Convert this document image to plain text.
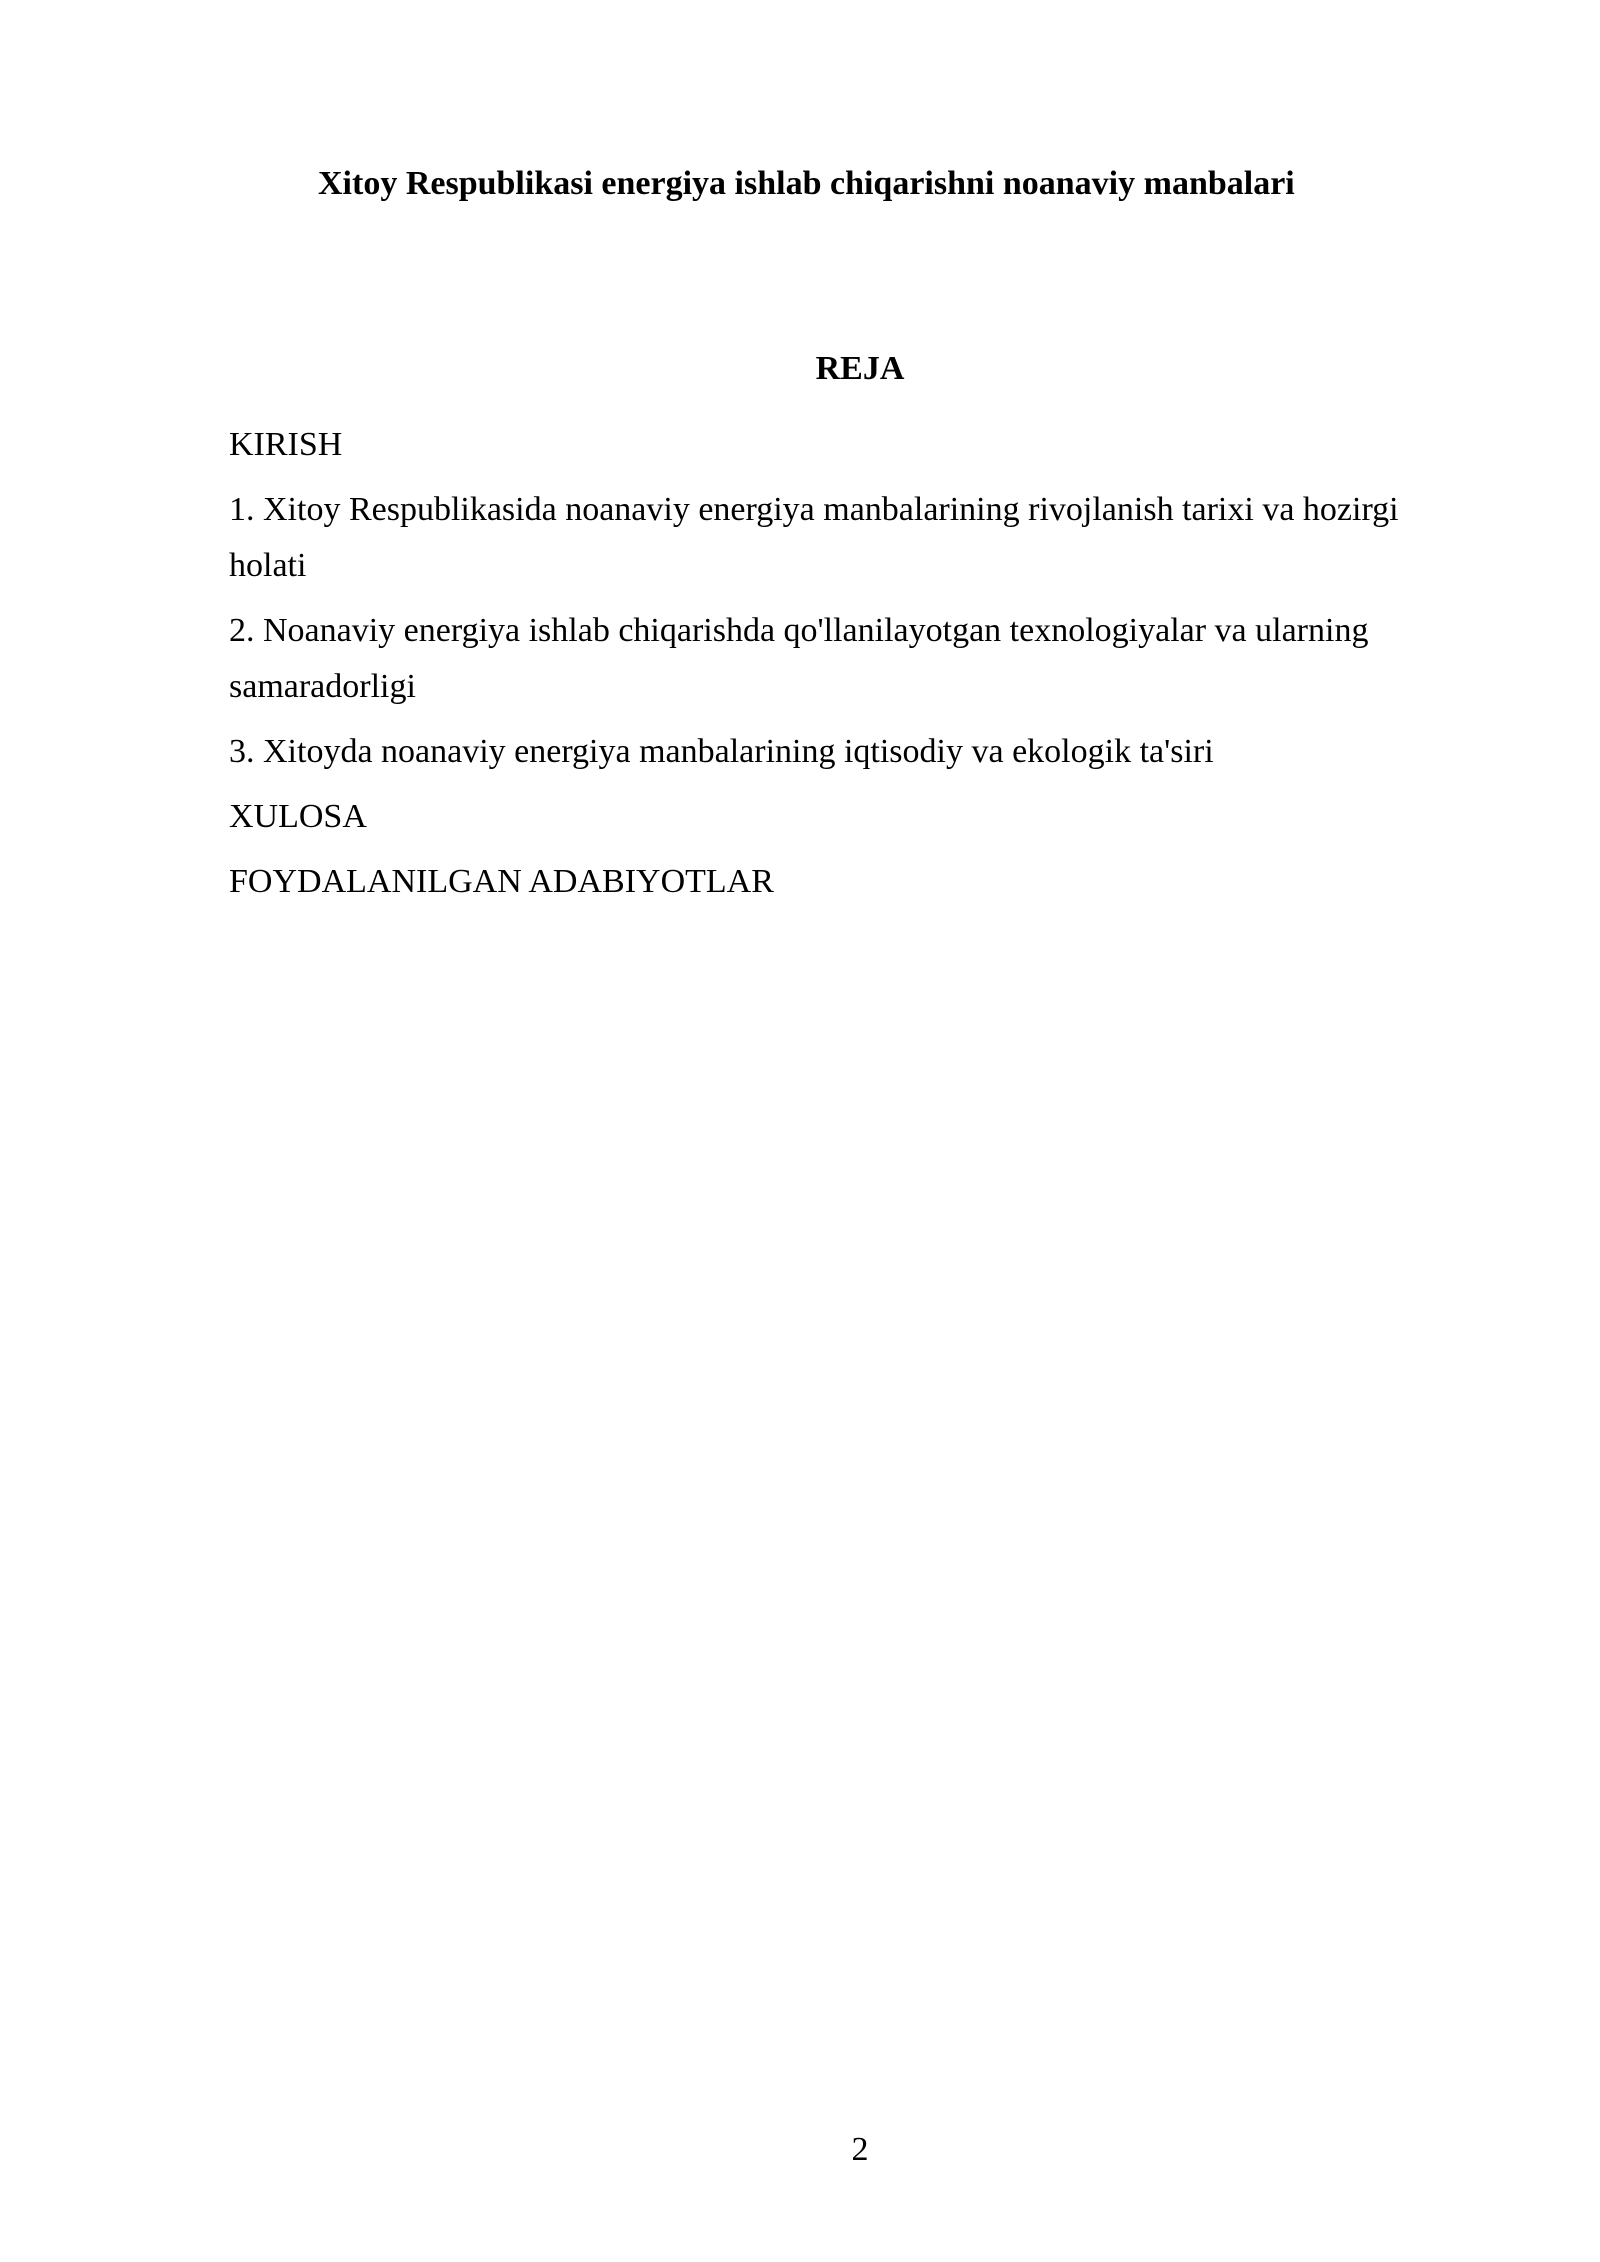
Xitoy Respublikasi energiya ishlab chiqarishni noanaviy manbalari
REJA
KIRISH
1. Xitoy Respublikasida noanaviy energiya manbalarining rivojlanish tarixi va hozirgi holati
2. Noanaviy energiya ishlab chiqarishda qo'llanilayotgan texnologiyalar va ularning samaradorligi
3. Xitoyda noanaviy energiya manbalarining iqtisodiy va ekologik ta'siri
XULOSA
FOYDALANILGAN ADABIYOTLAR
2
